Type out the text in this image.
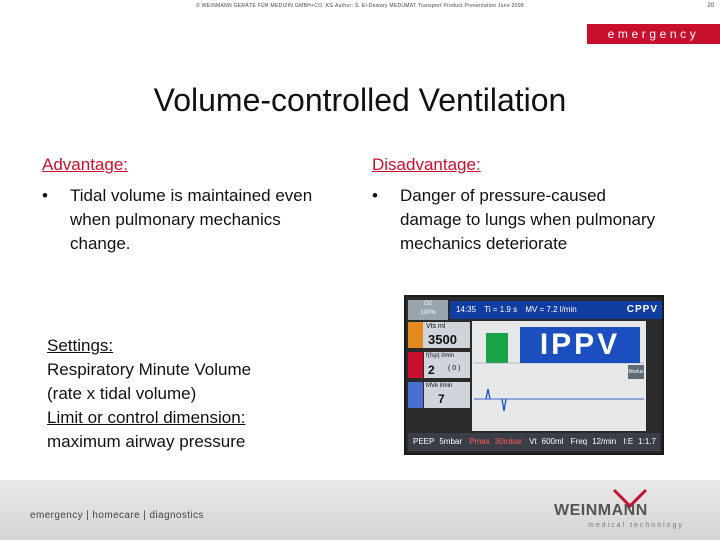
© WEINMANN GERÄTE FÜR MEDIZIN GMBH+CO. KG Author: S. El-Dewary MEDUMAT Transport Product Presentation June 2008	20
emergency
Volume-controlled Ventilation
Advantage:
• Tidal volume is maintained even when pulmonary mechanics change.
Disadvantage:
• Danger of pressure-caused damage to lungs when pulmonary mechanics deteriorate
Settings:
Respiratory Minute Volume
(rate x tidal volume)
Limit or control dimension:
maximum airway pressure
O2
100%	14:35 Ti = 1.9 s MV = 7.2 l/min	CPPV
Vts ml
3500
f(fsp) l/min
2 ( 0 )
MVe l/min
7
IPPV
Modus
PEEP 5mbar Pmax 30mbar Vt 600ml Freq 12/min I:E 1:1.7
emergency | homecare | diagnostics	WEINMANN
medical technology
